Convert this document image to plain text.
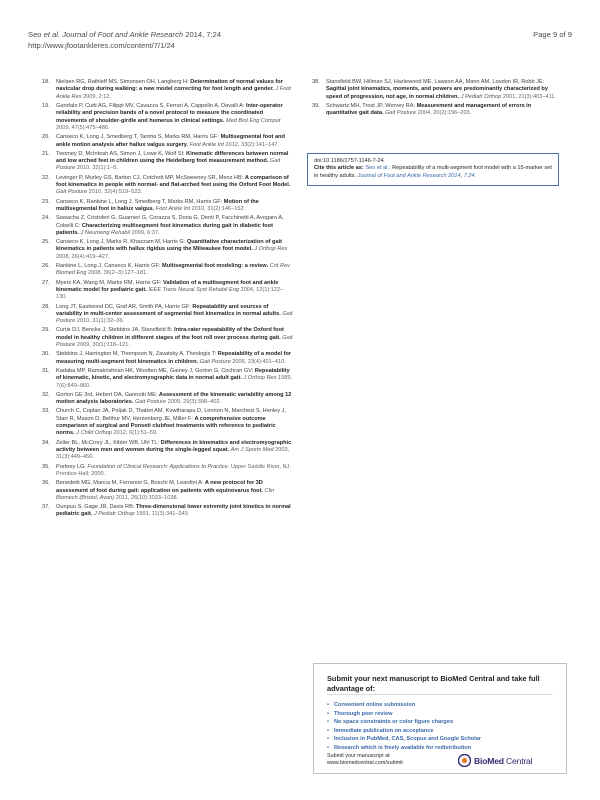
Seo et al. Journal of Foot and Ankle Research 2014, 7:24
http://www.jfootankleres.com/content/7/1/24
Page 9 of 9
18. Nielsen RG, Rathleff MS, Simonsen OH, Langberg H: Determination of normal values for navicular drop during walking: a new model correcting for foot length and gender. J Foot Ankle Res 2009, 2:12.
19. Garofalo P, Cutti AG, Filippi MV, Cavazza S, Ferrari A, Cappello A, Davalli A: Inter-operator reliability and precision bands of a novel protocol to measure the coordinated movements of shoulder-girdle and humerus in clinical settings. Med Biol Eng Comput 2009, 47(5):475–486.
20. Canseco K, Long J, Smedberg T, Tarima S, Marks RM, Harris GF: Multisegmental foot and ankle motion analysis after hallux valgus surgery. Foot Ankle Int 2012, 33(2):141–147.
21. Twomey D, McIntosh AS, Simon J, Lowe K, Wolf SI: Kinematic differences between normal and low arched feet in children using the Heidelberg foot measurement method. Gait Posture 2010, 32(1):1–5.
22. Levinger P, Murley GS, Barton CJ, Cotchett MP, McSweeney SR, Menz HB: A comparison of foot kinematics in people with normal- and flat-arched feet using the Oxford Foot Model. Gait Posture 2010, 32(4):519–523.
23. Canseco K, Rankine L, Long J, Smedberg T, Marks RM, Harris GF: Motion of the multisegmental foot in hallux valgus. Foot Ankle Int 2010, 31(2):146–152.
24. Sawacha Z, Cristoferi G, Guarneri G, Corazza S, Dona G, Denti P, Facchinetti A, Avogaro A, Cobelli C: Characterizing multisegment foot kinematics during gait in diabetic foot patients. J Neuroeng Rehabil 2009, 6:37.
25. Canseco K, Long J, Marks R, Khazzam M, Harris G: Quantitative characterization of gait kinematics in patients with hallux rigidus using the Milwaukee foot model. J Orthop Res 2008, 26(4):419–427.
26. Rankine L, Long J, Canseco K, Harris GF: Multisegmental foot modeling: a review. Crit Rev Biomed Eng 2008, 36(2–3):127–181.
27. Myers KA, Wang M, Marks RM, Harris GF: Validation of a multisegment foot and ankle kinematic model for pediatric gait. IEEE Trans Neural Syst Rehabil Eng 2004, 12(1):122–130.
28. Long JT, Eastwood DC, Graf AR, Smith PA, Harris GF: Repeatability and sources of variability in multi-center assessment of segmental foot kinematics in normal adults. Gait Posture 2010, 31(1):32–36.
29. Curtis DJ, Bencke J, Stebbins JA, Stansfield B: Intra-rater repeatability of the Oxford foot model in healthy children in different stages of the foot roll over process during gait. Gait Posture 2009, 30(1):118–121.
30. Stebbins J, Harrington M, Thompson N, Zavatsky A, Theologis T: Repeatability of a model for measuring multi-segment foot kinematics in children. Gait Posture 2006, 23(4):401–410.
31. Kadaba MP, Ramakrishnan HK, Wootten ME, Gainey J, Gorton G, Cochran GV: Repeatability of kinematic, kinetic, and electromyographic data in normal adult gait. J Orthop Res 1989, 7(6):849–860.
32. Gorton GE 3rd, Hebert DA, Gannotti ME: Assessment of the kinematic variability among 12 motion analysis laboratories. Gait Posture 2009, 29(3):398–402.
33. Church C, Coplan JA, Poljak D, Thabet AM, Kowtharapu D, Lennon N, Marchesi S, Henley J, Starr R, Mason D, Belthur MV, Herzenberg JE, Miller F: A comprehensive outcome comparison of surgical and Ponseti clubfoot treatments with reference to pediatric norms. J Child Orthop 2012, 6(1):51–59.
34. Zeller BL, McCrory JL, Kibler WB, Uhl TL: Differences in kinematics and electromyographic activity between men and women during the single-legged squat. Am J Sports Med 2003, 31(3):449–456.
35. Portney LG: Foundation of Clinical Research: Applications to Practice. Upper Saddle River, NJ: Prentice-Hall; 2000.
36. Benedetti MG, Manca M, Ferraresi G, Boschi M, Leardini A: A new protocol for 3D assessment of foot during gait: application on patients with equinovarus foot. Clin Biomech (Bristol, Avon) 2011, 26(10):1033–1038.
37. Ounpuu S, Gage JR, Davis RB: Three-dimensional lower extremity joint kinetics in normal pediatric gait. J Pediatr Orthop 1991, 11(3):341–349.
38. Stansfield BW, Hillman SJ, Hazlewood ME, Lawson AA, Mann AM, Loudon IR, Robb JE: Sagittal joint kinematics, moments, and powers are predominantly characterized by speed of progression, not age, in normal children. J Pediatr Orthop 2001, 21(3):403–411.
39. Schwartz MH, Trost JP, Wervey RA: Measurement and management of errors in quantitative gait data. Gait Posture 2004, 20(2):196–203.
doi:10.1186/1757-1146-7-24
Cite this article as: Seo et al.: Repeatability of a multi-segment foot model with a 15-marker set in healthy adults. Journal of Foot and Ankle Research 2014, 7:24.
Submit your next manuscript to BioMed Central and take full advantage of:
• Convenient online submission
• Thorough peer review
• No space constraints or color figure charges
• Immediate publication on acceptance
• Inclusion in PubMed, CAS, Scopus and Google Scholar
• Research which is freely available for redistribution
Submit your manuscript at
www.biomedcentral.com/submit	BioMed Central
